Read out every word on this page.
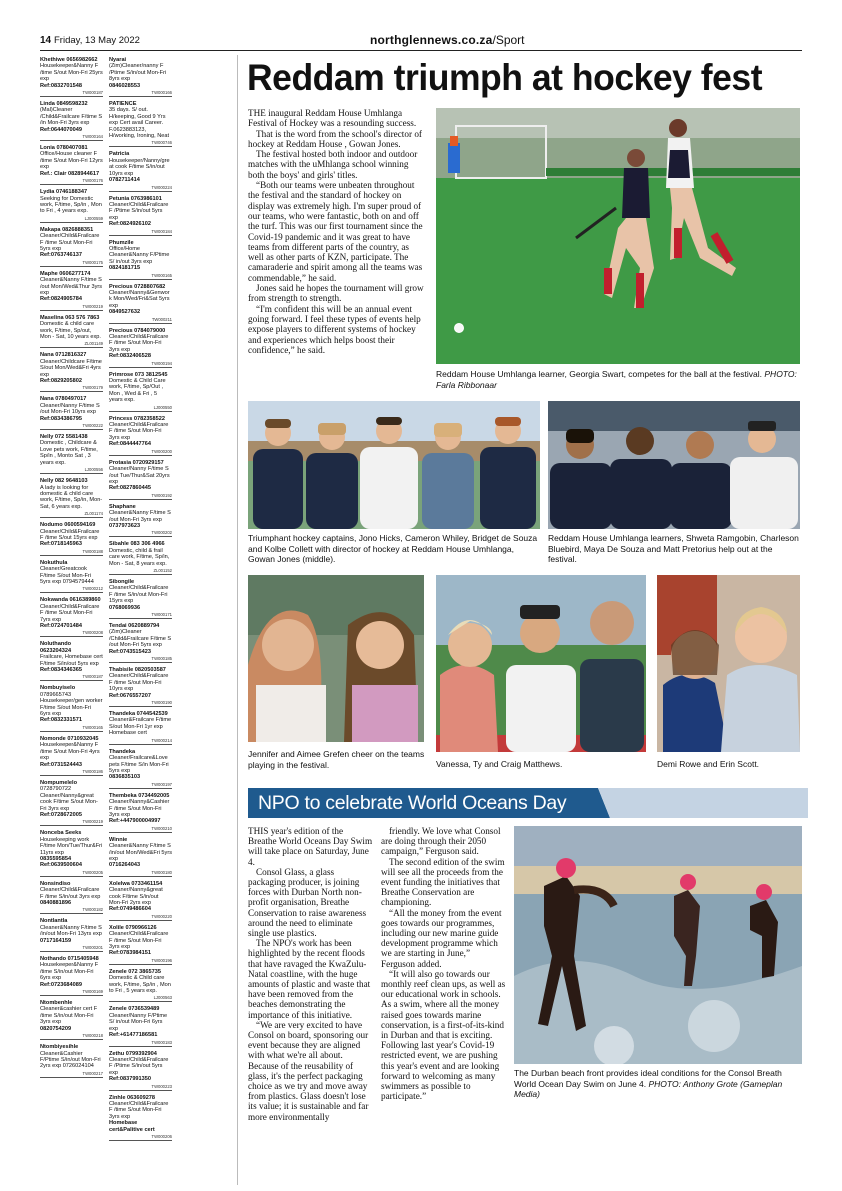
14 Friday, 13 May 2022	northglennews.co.za/Sport
Khethiwe 0656982662
Housekeeper&Nanny F /time S/out Mon-Fri 25yrs exp
Ref:0832701548
TW000187
Linda 0849598232
(Mal)Cleaner /Child&Frailcare F/time S /in Mon-Fri 3yrs exp
Ref:0644070049
TW000164
Lonia 0780407081
Office/House cleaner F /time S/out Mon-Fri 12yrs exp
Ref.: Clair 0828944617
TW000176
Lydia 0746188347
Seeking for Domestic work, F/time, Sp/in , Mon to Fri , 4 years exp.
LJ000559
Makapa 0826888351
Cleaner/Child&Frailcare F /time S/out Mon-Fri 5yrs exp
Ref:0763746137
TW000175
Maphe 0606277174
Cleaner&Nanny F/time S /out Mon/Wed&Thur 3yrs exp
Ref:0824905784
TW000219
Maselina 063 576 7863
Domestic & child care work, F/time, Sp/out, Mon - Sat, 10 years exp.
ZL001149
Nana 0712816327
Cleaner/Childcare F/time S/out Mon/Wed&Fri 4yrs exp
Ref:0829205802
TW000179
Nana 0780497017
Cleaner/Nanny F/time S /out Mon-Fri 10yrs exp
Ref:0834386795
TW000222
Nelly 072 5581438
Domestic , Childcare & Love pets work, F/time, Sp/in , Monto Sat , 3 years exp.
LJ000556
Nelly 082 9648103
A lady is looking for domestic & child care work, F/time, Sp/in, Mon-Sat, 6 years exp.
ZL001174
Nodumo 0600594169
Cleaner/Child&Frailcare F /time S/out 15yrs exp
Ref:0718145963
TW000188
Nokuthula
Cleaner/Greatcook F/time S/out Mon-Fri 5yrs exp 0794579444
TW000212
Nokwanda 0616389860
Cleaner/Child&Frailcare F /time S/out Mon-Fri 7yrs exp
Ref:0724701484
TW000208
Noluthando 0623204324
Frailcare, Homebase cert F/time S/in/out 5yrs exp
Ref:0834346365
TW000187
Nombuyiselo
0789665743 Housekeeper/gen worker F/time S/out Mon-Fri 6yrs exp
Ref:0832331571
TW000165
Nomonde 0710932045
Housekeeper&Nanny F /time S/out Mon-Fri 4yrs exp
Ref:0731524443
TW000186
Nompumelelo
0728790722 Cleaner/Nanny&great cook F/time S/out Mon-Fri 3yrs exp
Ref:0728672005
TW000219
Nonceba Seeks
Housekeeping work F/time Mon/Tue/Thur&Fri 11yrs exp
0835595854 Ref:0639500604
TW000205
Nonsindiso
Cleaner/Child&Frailcare F /time S/in/out 3yrs exp
0840881896
TW000182
Nontlantla
Cleaner&Nanny F/time S /in/out Mon-Fri 13yrs exp
0717164159
TW000201
Nothando 0715405948
Housekeeper&Nanny F /time S/in/out Mon-Fri 6yrs exp
Ref:0723684089
TW000169
Ntombenhle
Cleaner&cashier cert F /time S/in/out Mon-Fri 3yrs exp
0820754209
TW000218
Ntombiyesihle
Cleaner&Cashier F/Ptime S/in/out Mon-Fri 2yrs exp 0726024104
TW000217
Nyarai
(Zim)Cleaner/nanny F /Ptime S/in/out Mon-Fri 8yrs exp
0846028553
TW000166
PATIENCE
35 days. S/ out. H/keeping, Good 9 Yrs exp Cert avail Career. F.0623883123, H/working, Ironing, Neat
TW000746
Patricia
Housekeeper/Nanny/great cook F/time S/in/out 10yrs exp
0782711414
TW000224
Petunia 0763986101
Cleaner/Child&Frailcare F /Ptime S/in/out 5yrs exp
Ref:0824926102
TW000184
Phumzile
Office/Home Cleaner&Nanny F/Ptime S/ in/out 3yrs exp
0824181715
TW000165
Precious 0728807682
Cleaner/Nanny&Genwork Mon/Wed/Fri&Sat 5yrs exp
0849527632
TW000211
Precious 0784079000
Cleaner/Child&Frailcare F /time S/out Mon-Fri 3yrs exp
Ref:0832406528
TW000194
Primrose 073 3812545
Domestic & Child Care work, F/time, Sp/Out , Mon , Wed & Fri , 5 years exp.
LJ000550
Princess 0782358522
Cleaner/Child&Frailcare F /time S/out Mon-Fri 3yrs exp
Ref:0844447764
TW000200
Protasia 0720929157
Cleaner/Nanny F/time S /out Tue/Thur&Sat 20yrs exp
Ref:0827860445
TW000192
Shaphane
Cleaner&Nanny F/time S /out Mon-Fri 3yrs exp
0737973623
TW000202
Sibahle 083 306 4966
Domestic, child & frail care work, F/time, Sp/in, Mon - Sat, 8 years exp.
ZL001152
Sibongile
Cleaner/Child&Frailcare F /time S/in/out Mon-Fri 15yrs exp
0768069936
TW000171
Tendai 0620889794
(Zim)Cleaner /Child&Frailcare F/time S /out Mon-Fri 5yrs exp
Ref:0743515423
TW000185
Thabisile 0820503587
Cleaner/Child&Frailcare F /time S/out Mon-Fri 10yrs exp
Ref:0676557207
TW000190
Thandeka 0744542539
Cleaner&Frailcare F/time S/out Mon-Fri 1yr exp Homebase cert
TW000214
Thandeka
Cleaner/Frailcare&Love pets F/time S/in Mon-Fri 5yrs exp
0836835103
TW000197
Thembeka 0734492005
Cleaner/Nanny&Cashier F /time S/out Mon-Fri 3yrs exp
Ref:+447900004997
TW000210
Winnie
Cleaner&Nanny F/time S /in/out Mon/Wed&Fri 5yrs exp
0716264043
TW000180
Xolelwa 0733461154
Cleaner/Nanny&great cook F/time S/in/out Mon-Fri 2yrs exp
Ref:0749486604
TW000220
Xolile 0790966126
Cleaner/Child&Frailcare F /time S/out Mon-Fri 3yrs exp
Ref:0783984151
TW000196
Zenele 072 3865735
Domestic & Child care work, F/time, Sp/in , Mon to Fri , 5 years exp.
LJ000563
Zenele 0736539489
Cleaner/Nanny F/Ptime S/ in/out Mon-Fri 6yrs exp
Ref:+61477186581
TW000183
Zethu 0799392904
Cleaner/Child&Frailcare F /Ptime S/in/out 5yrs exp
Ref:0837991350
TW000223
Zinhle 063609278
Cleaner/Child&Frailcare F /time S/out Mon-Fri 3yrs exp
Homebase cert&Palitive cert
TW000206
Reddam triumph at hockey fest

THE inaugural Reddam House Umhlanga Festival of Hockey was a resounding success.

That is the word from the school's director of hockey at Reddam House , Gowan Jones.

The festival hosted both indoor and outdoor matches with the uMhlanga school winning both the boys' and girls' titles.

“Both our teams were unbeaten throughout the festival and the standard of hockey on display was extremely high. I'm super proud of our teams, who were fantastic, both on and off the turf. This was our first tournament since the Covid-19 pandemic and it was great to have teams from different parts of the country, as well as other parts of KZN, participate. The camaraderie and spirit among all the teams was commendable,” he said.

Jones said he hopes the tournament will grow from strength to strength.

“I'm confident this will be an annual event going forward. I feel these types of events help expose players to different systems of hockey and experiences which helps boost their confidence,” he said.

Reddam House Umhlanga learner, Georgia Swart, competes for the ball at the festival. PHOTO: Farla Ribbonaar
Triumphant hockey captains, Jono Hicks, Cameron Whiley, Bridget de Souza and Kolbe Collett with director of hockey at Reddam House Umhlanga, Gowan Jones (middle).
Reddam House Umhlanga learners, Shweta Ramgobin, Charleson Bluebird, Maya De Souza and Matt Pretorius help out at the festival.
Jennifer and Aimee Grefen cheer on the teams playing in the festival.	Vanessa, Ty and Craig Matthews.	Demi Rowe and Erin Scott.
NPO to celebrate World Oceans Day

THIS year's edition of the Breathe World Oceans Day Swim will take place on Saturday, June 4.

Consol Glass, a glass packaging producer, is joining forces with Durban North non-profit organisation, Breathe Conservation to raise awareness around the need to eliminate single use plastics.

The NPO's work has been highlighted by the recent floods that have ravaged the KwaZulu-Natal coastline, with the huge amounts of plastic and waste that have been removed from the beaches demonstrating the importance of this initiative.

“We are very excited to have Consol on board, sponsoring our event because they are aligned with what we're all about. Because of the reusability of glass, it's the perfect packaging choice as we try and move away from plastics. Glass doesn't lose its value; it is sustainable and far more environmentally

friendly. We love what Consol are doing through their 2050 campaign,” Ferguson said.

The second edition of the swim will see all the proceeds from the event funding the initiatives that Breathe Conservation are championing.

“All the money from the event goes towards our programmes, including our new marine guide development programme which we are starting in June,” Ferguson added.

“It will also go towards our monthly reef clean ups, as well as our educational work in schools. As a swim, where all the money raised goes towards marine conservation, is a first-of-its-kind in Durban and that is exciting. Following last year's Covid-19 restricted event, we are pushing this year's event and are looking forward to welcoming as many swimmers as possible to participate.”

The Durban beach front provides ideal conditions for the Consol Breath World Ocean Day Swim on June 4. PHOTO: Anthony Grote (Gameplan Media)
